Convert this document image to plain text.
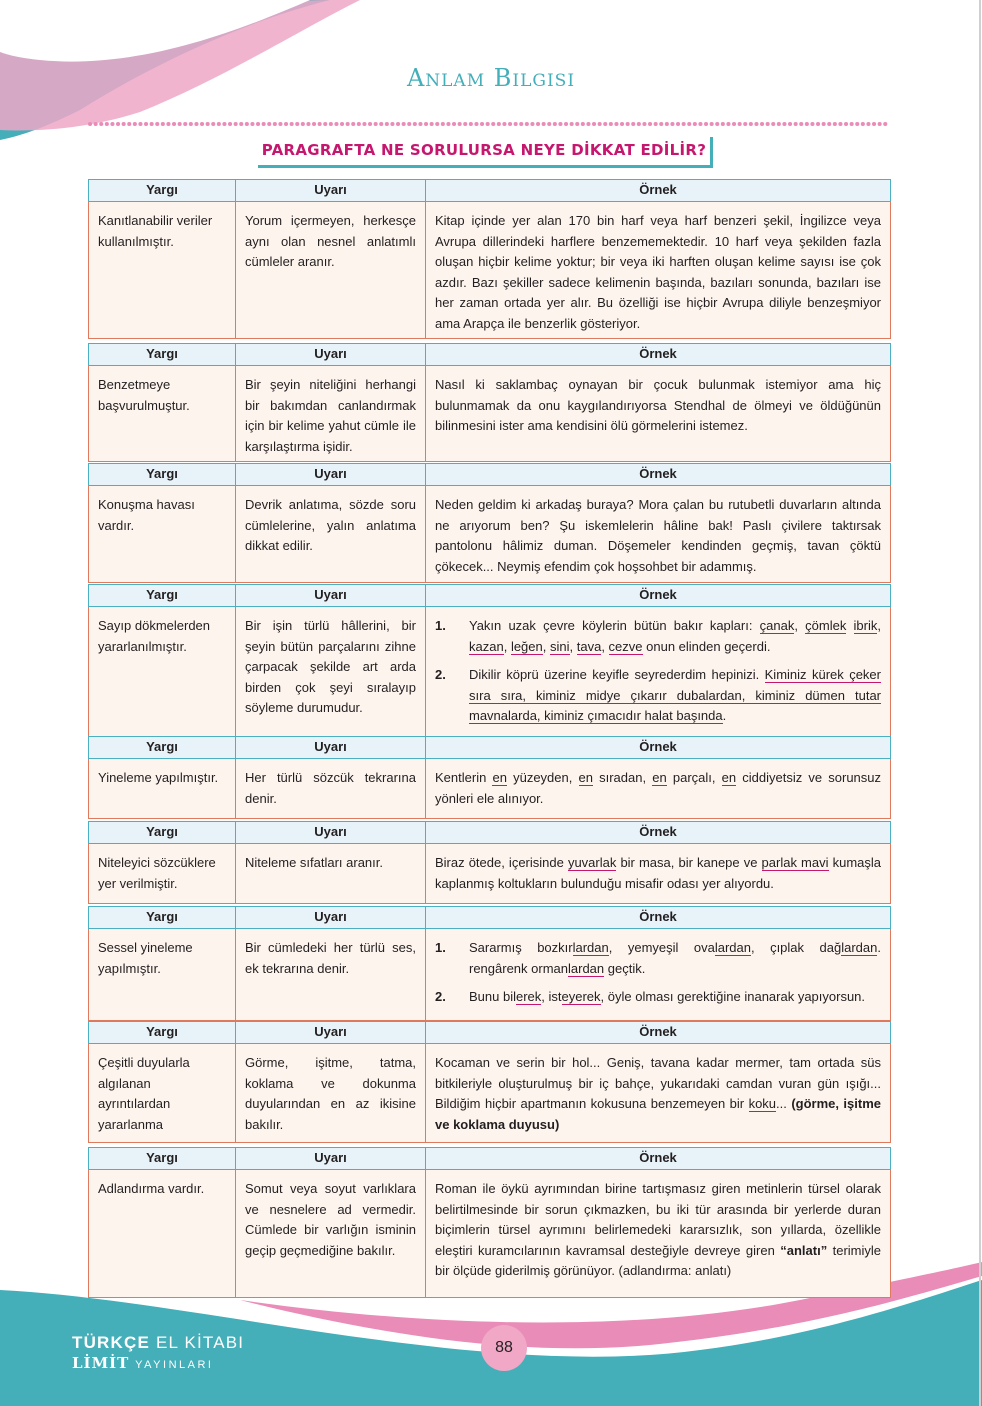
Anlam Bilgisi
PARAGRAFTA NE SORULURSA NEYE DİKKAT EDİLİR?
Yargı	Uyarı	Örnek
Kanıtlanabilir veriler kullanılmıştır.	Yorum içermeyen, herkesçe aynı olan nesnel anlatımlı cümleler aranır.	Kitap içinde yer alan 170 bin harf veya harf benzeri şekil, İngilizce veya Avrupa dillerindeki harflere benzememektedir. 10 harf veya şekilden fazla oluşan hiçbir kelime yoktur; bir veya iki harften oluşan kelime sayısı ise çok azdır. Bazı şekiller sadece kelimenin başında, bazıları sonunda, bazıları ise her zaman ortada yer alır. Bu özelliği ise hiçbir Avrupa diliyle benzeşmiyor ama Arapça ile benzerlik gösteriyor.
Yargı	Uyarı	Örnek
Benzetmeye başvurulmuştur.	Bir şeyin niteliğini herhangi bir bakımdan canlandırmak için bir kelime yahut cümle ile karşılaştırma işidir.	Nasıl ki saklambaç oynayan bir çocuk bulunmak istemiyor ama hiç bulunmamak da onu kaygılandırıyorsa Stendhal de ölmeyi ve öldüğünün bilinmesini ister ama kendisini ölü görmelerini istemez.
Yargı	Uyarı	Örnek
Konuşma havası vardır.	Devrik anlatıma, sözde soru cümlelerine, yalın anlatıma dikkat edilir.	Neden geldim ki arkadaş buraya? Mora çalan bu rutubetli duvarların altında ne arıyorum ben? Şu iskemlelerin hâline bak! Paslı çivilere taktırsak pantolonu hâlimiz duman. Döşemeler kendinden geçmiş, tavan çöktü çökecek... Neymiş efendim çok hoşsohbet bir adammış.
Yargı	Uyarı	Örnek
Sayıp dökmelerden yararlanılmıştır.	Bir işin türlü hâllerini, bir şeyin bütün parçalarını zihne çarpacak şekilde art arda birden çok şeyi sıralayıp söyleme durumudur.	1. Yakın uzak çevre köylerin bütün bakır kapları: çanak, çömlek ibrik, kazan, leğen, sini, tava, cezve onun elinden geçerdi.
2. Dikilir köprü üzerine keyifle seyrederdim hepinizi. Kiminiz kürek çeker sıra sıra, kiminiz midye çıkarır dubalardan, kiminiz dümen tutar mavnalarda, kiminiz çımacıdır halat başında.
Yargı	Uyarı	Örnek
Yineleme yapılmıştır.	Her türlü sözcük tekrarına denir.	Kentlerin en yüzeyden, en sıradan, en parçalı, en ciddiyetsiz ve sorunsuz yönleri ele alınıyor.
Yargı	Uyarı	Örnek
Niteleyici sözcüklere yer verilmiştir.	Niteleme sıfatları aranır.	Biraz ötede, içerisinde yuvarlak bir masa, bir kanepe ve parlak mavi kumaşla kaplanmış koltukların bulunduğu misafir odası yer alıyordu.
Yargı	Uyarı	Örnek
Sessel yineleme yapılmıştır.	Bir cümledeki her türlü ses, ek tekrarına denir.	1. Sararmış bozkırlardan, yemyeşil ovalardan, çıplak dağlardan. rengârenk ormanlardan geçtik.
2. Bunu bilerek, isteyerek, öyle olması gerektiğine inanarak yapıyorsun.
Yargı	Uyarı	Örnek
Çeşitli duyularla algılanan ayrıntılardan yararlanma	Görme, işitme, tatma, koklama ve dokunma duyularından en az ikisine bakılır.	Kocaman ve serin bir hol... Geniş, tavana kadar mermer, tam ortada süs bitkileriyle oluşturulmuş bir iç bahçe, yukarıdaki camdan vuran gün ışığı... Bildiğim hiçbir apartmanın kokusuna benzemeyen bir koku... (görme, işitme ve koklama duyusu)
Yargı	Uyarı	Örnek
Adlandırma vardır.	Somut veya soyut varlıklara ve nesnelere ad vermedir. Cümlede bir varlığın isminin geçip geçmediğine bakılır.	Roman ile öykü ayrımından birine tartışmasız giren metinlerin türsel olarak belirtilmesinde bir sorun çıkmazken, bu iki tür arasında bir yerlerde duran biçimlerin türsel ayrımını belirlemedeki kararsızlık, son yıllarda, özellikle eleştiri kuramcılarının kavramsal desteğiyle devreye giren “anlatı” terimiyle bir ölçüde giderilmiş görünüyor. (adlandırma: anlatı)
TÜRKÇE EL KİTABI
LİMİT YAYINLARI
88
